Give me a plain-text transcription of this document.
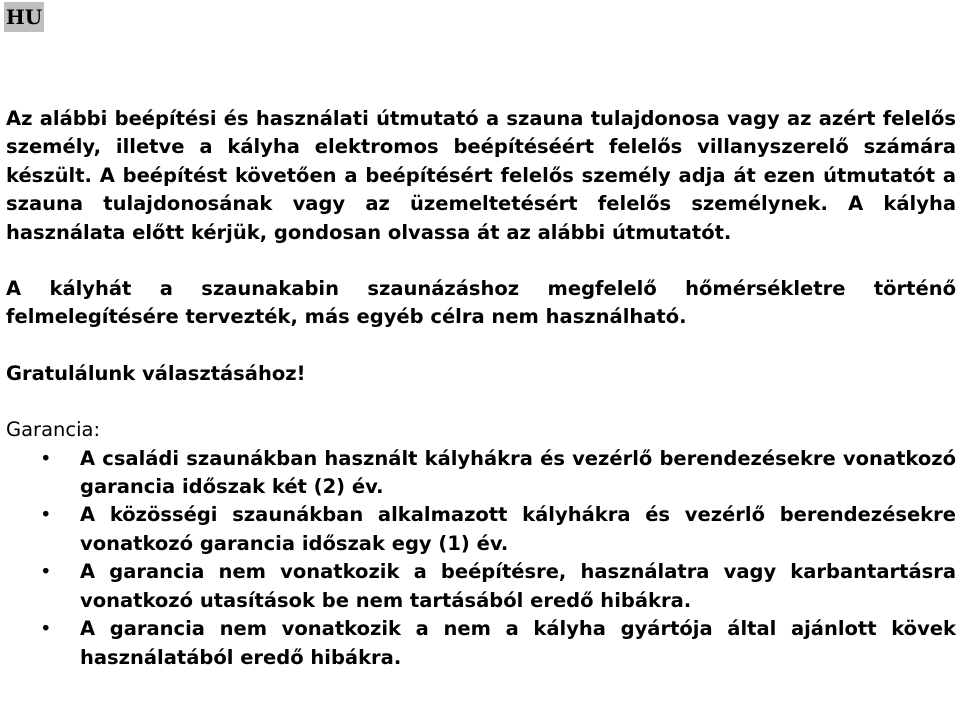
HU

Az alábbi beépítési és használati útmutató a szauna tulajdonosa vagy az azért felelős személy, illetve a kályha elektromos beépítéséért felelős villanyszerelő számára készült. A beépítést követően a beépítésért felelős személy adja át ezen útmutatót a szauna tulajdonosának vagy az üzemeltetésért felelős személynek. A kályha használata előtt kérjük, gondosan olvassa át az alábbi útmutatót.

A kályhát a szaunakabin szaunázáshoz megfelelő hőmérsékletre történő felmelegítésére tervezték, más egyéb célra nem használható.

Gratulálunk választásához!

Garancia:

• A családi szaunákban használt kályhákra és vezérlő berendezésekre vonatkozó garancia időszak két (2) év.
• A közösségi szaunákban alkalmazott kályhákra és vezérlő berendezésekre vonatkozó garancia időszak egy (1) év.
• A garancia nem vonatkozik a beépítésre, használatra vagy karbantartásra vonatkozó utasítások be nem tartásából eredő hibákra.
• A garancia nem vonatkozik a nem a kályha gyártója által ajánlott kövek használatából eredő hibákra.
